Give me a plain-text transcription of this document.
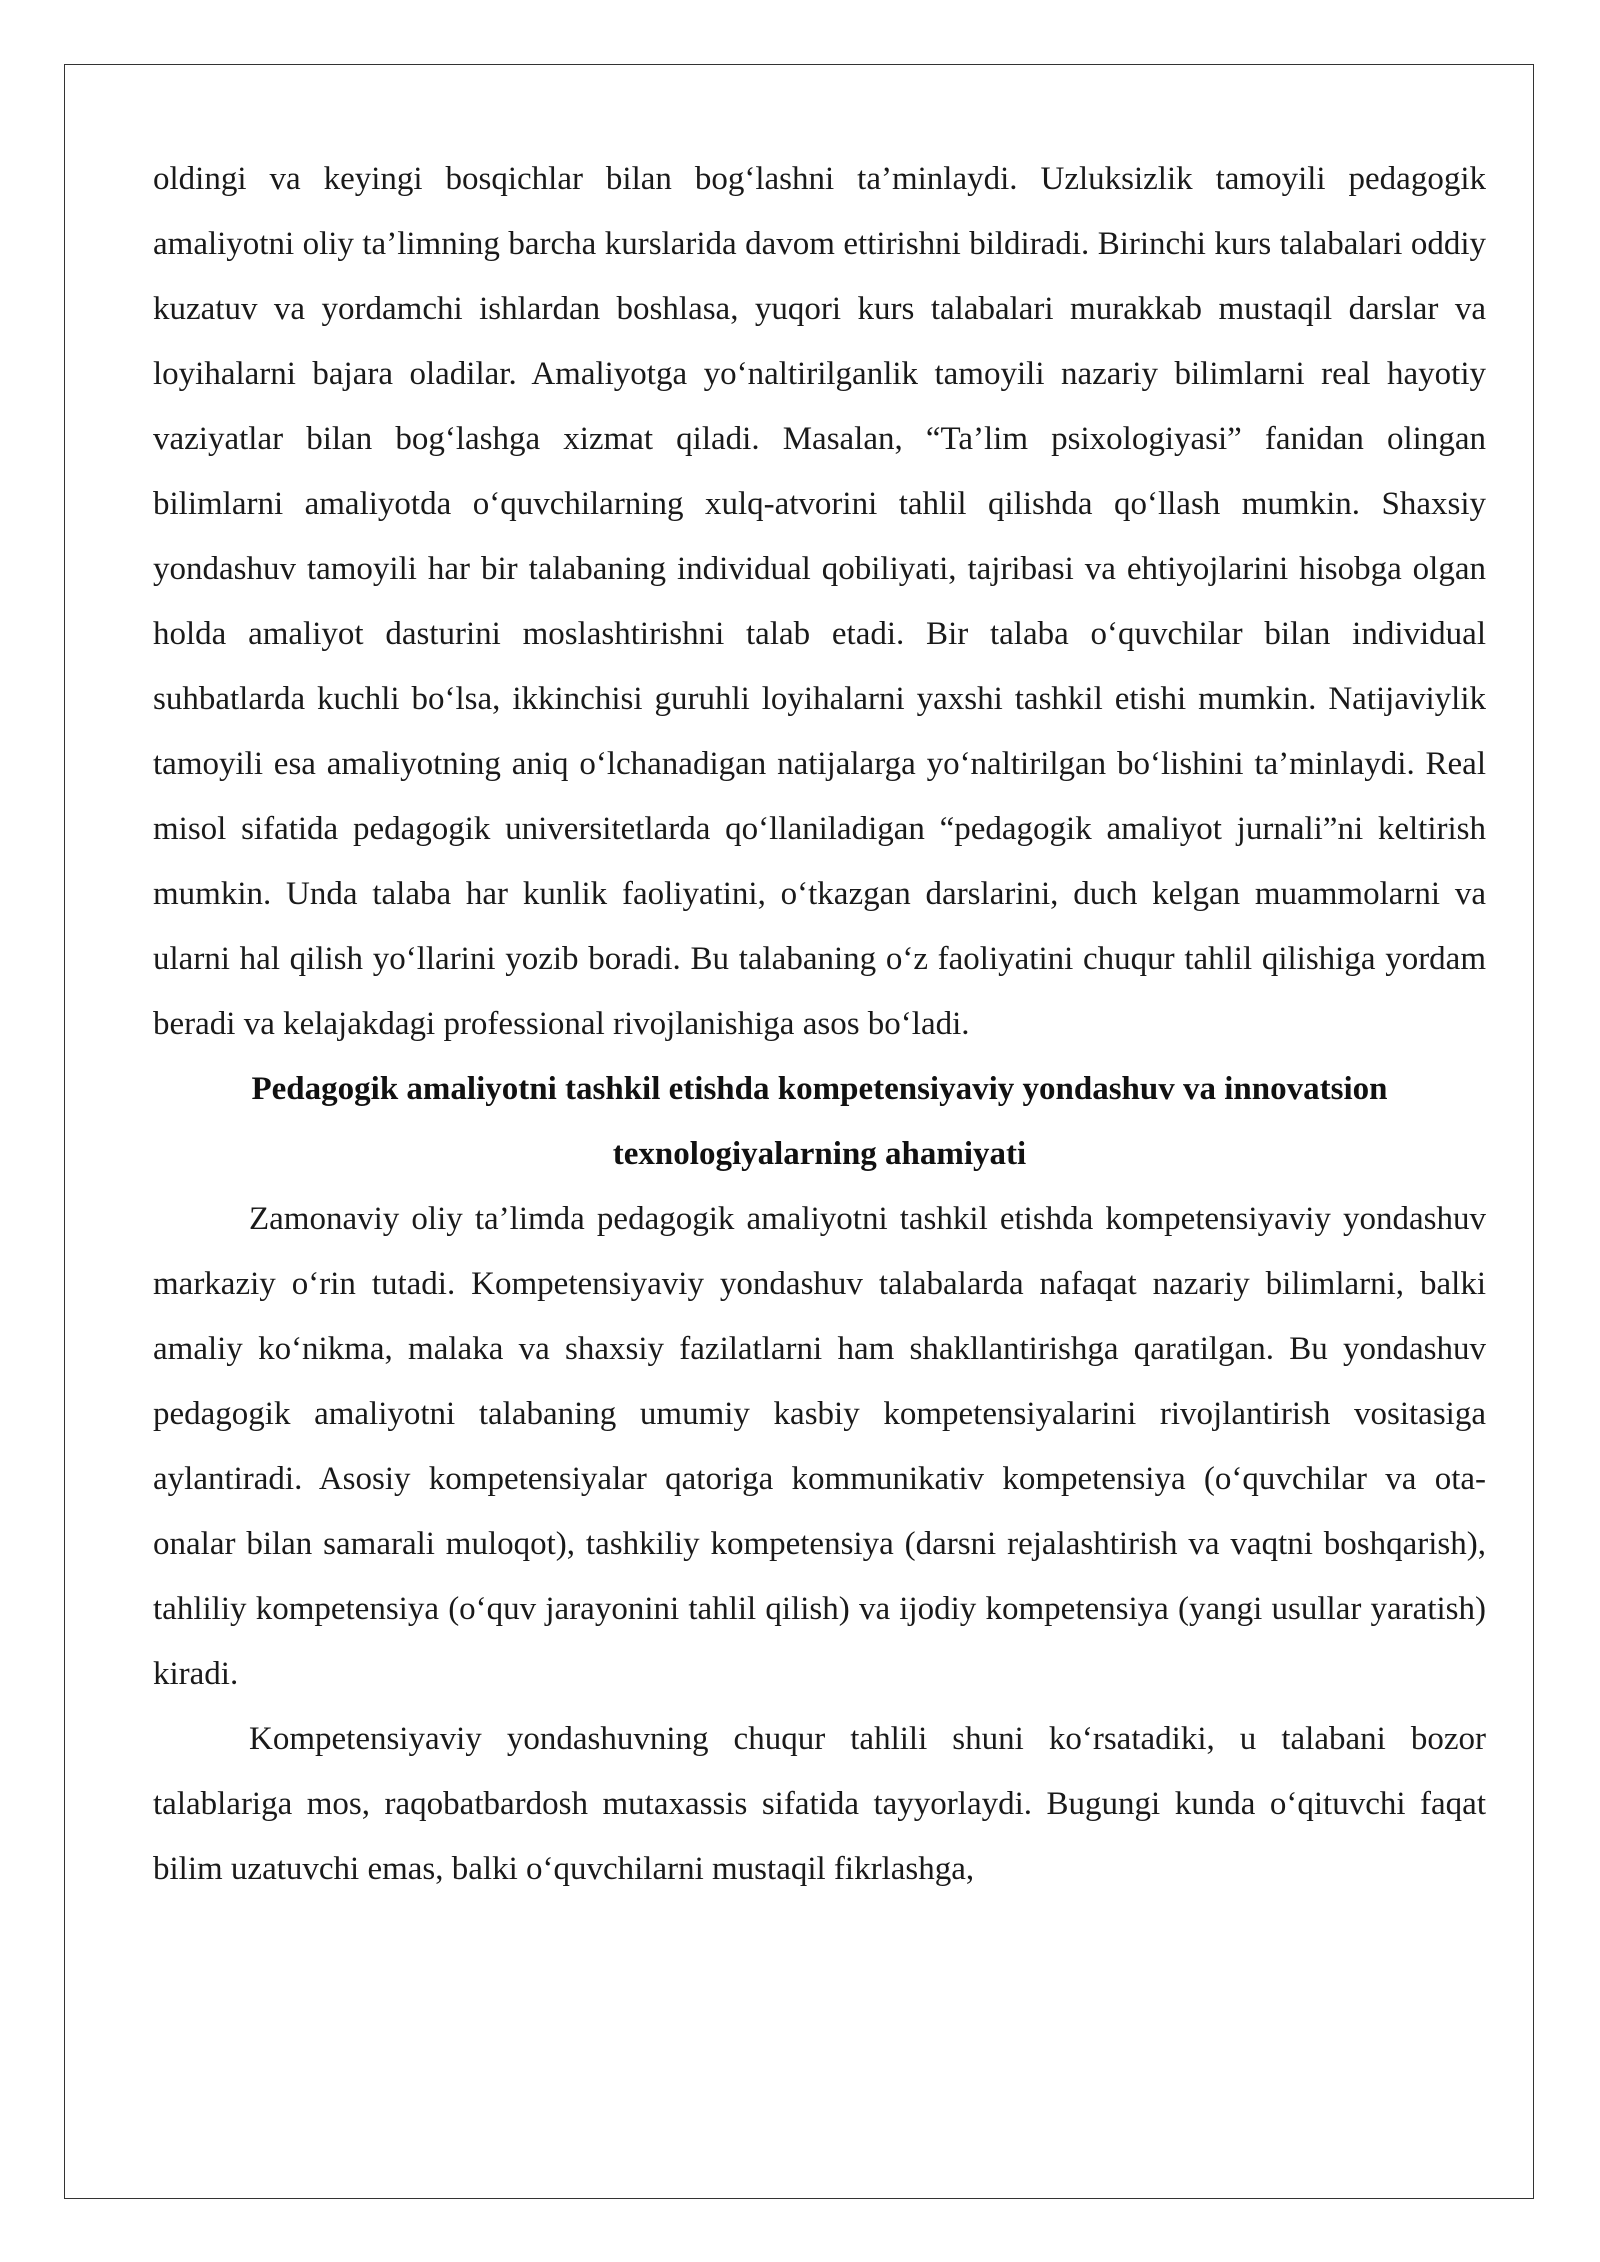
oldingi va keyingi bosqichlar bilan bog‘lashni ta’minlaydi. Uzluksizlik tamoyili pedagogik amaliyotni oliy ta’limning barcha kurslarida davom ettirishni bildiradi. Birinchi kurs talabalari oddiy kuzatuv va yordamchi ishlardan boshlasa, yuqori kurs talabalari murakkab mustaqil darslar va loyihalarni bajara oladilar. Amaliyotga yo‘naltirilganlik tamoyili nazariy bilimlarni real hayotiy vaziyatlar bilan bog‘lashga xizmat qiladi. Masalan, “Ta’lim psixologiyasi” fanidan olingan bilimlarni amaliyotda o‘quvchilarning xulq-atvorini tahlil qilishda qo‘llash mumkin. Shaxsiy yondashuv tamoyili har bir talabaning individual qobiliyati, tajribasi va ehtiyojlarini hisobga olgan holda amaliyot dasturini moslashtirishni talab etadi. Bir talaba o‘quvchilar bilan individual suhbatlarda kuchli bo‘lsa, ikkinchisi guruhli loyihalarni yaxshi tashkil etishi mumkin. Natijaviylik tamoyili esa amaliyotning aniq o‘lchanadigan natijalarga yo‘naltirilgan bo‘lishini ta’minlaydi. Real misol sifatida pedagogik universitetlarda qo‘llaniladigan “pedagogik amaliyot jurnali”ni keltirish mumkin. Unda talaba har kunlik faoliyatini, o‘tkazgan darslarini, duch kelgan muammolarni va ularni hal qilish yo‘llarini yozib boradi. Bu talabaning o‘z faoliyatini chuqur tahlil qilishiga yordam beradi va kelajakdagi professional rivojlanishiga asos bo‘ladi.

Pedagogik amaliyotni tashkil etishda kompetensiyaviy yondashuv va innovatsion texnologiyalarning ahamiyati

Zamonaviy oliy ta’limda pedagogik amaliyotni tashkil etishda kompetensiyaviy yondashuv markaziy o‘rin tutadi. Kompetensiyaviy yondashuv talabalarda nafaqat nazariy bilimlarni, balki amaliy ko‘nikma, malaka va shaxsiy fazilatlarni ham shakllantirishga qaratilgan. Bu yondashuv pedagogik amaliyotni talabaning umumiy kasbiy kompetensiyalarini rivojlantirish vositasiga aylantiradi. Asosiy kompetensiyalar qatoriga kommunikativ kompetensiya (o‘quvchilar va ota-onalar bilan samarali muloqot), tashkiliy kompetensiya (darsni rejalashtirish va vaqtni boshqarish), tahliliy kompetensiya (o‘quv jarayonini tahlil qilish) va ijodiy kompetensiya (yangi usullar yaratish) kiradi.

Kompetensiyaviy yondashuvning chuqur tahlili shuni ko‘rsatadiki, u talabani bozor talablariga mos, raqobatbardosh mutaxassis sifatida tayyorlaydi. Bugungi kunda o‘qituvchi faqat bilim uzatuvchi emas, balki o‘quvchilarni mustaqil fikrlashga,
